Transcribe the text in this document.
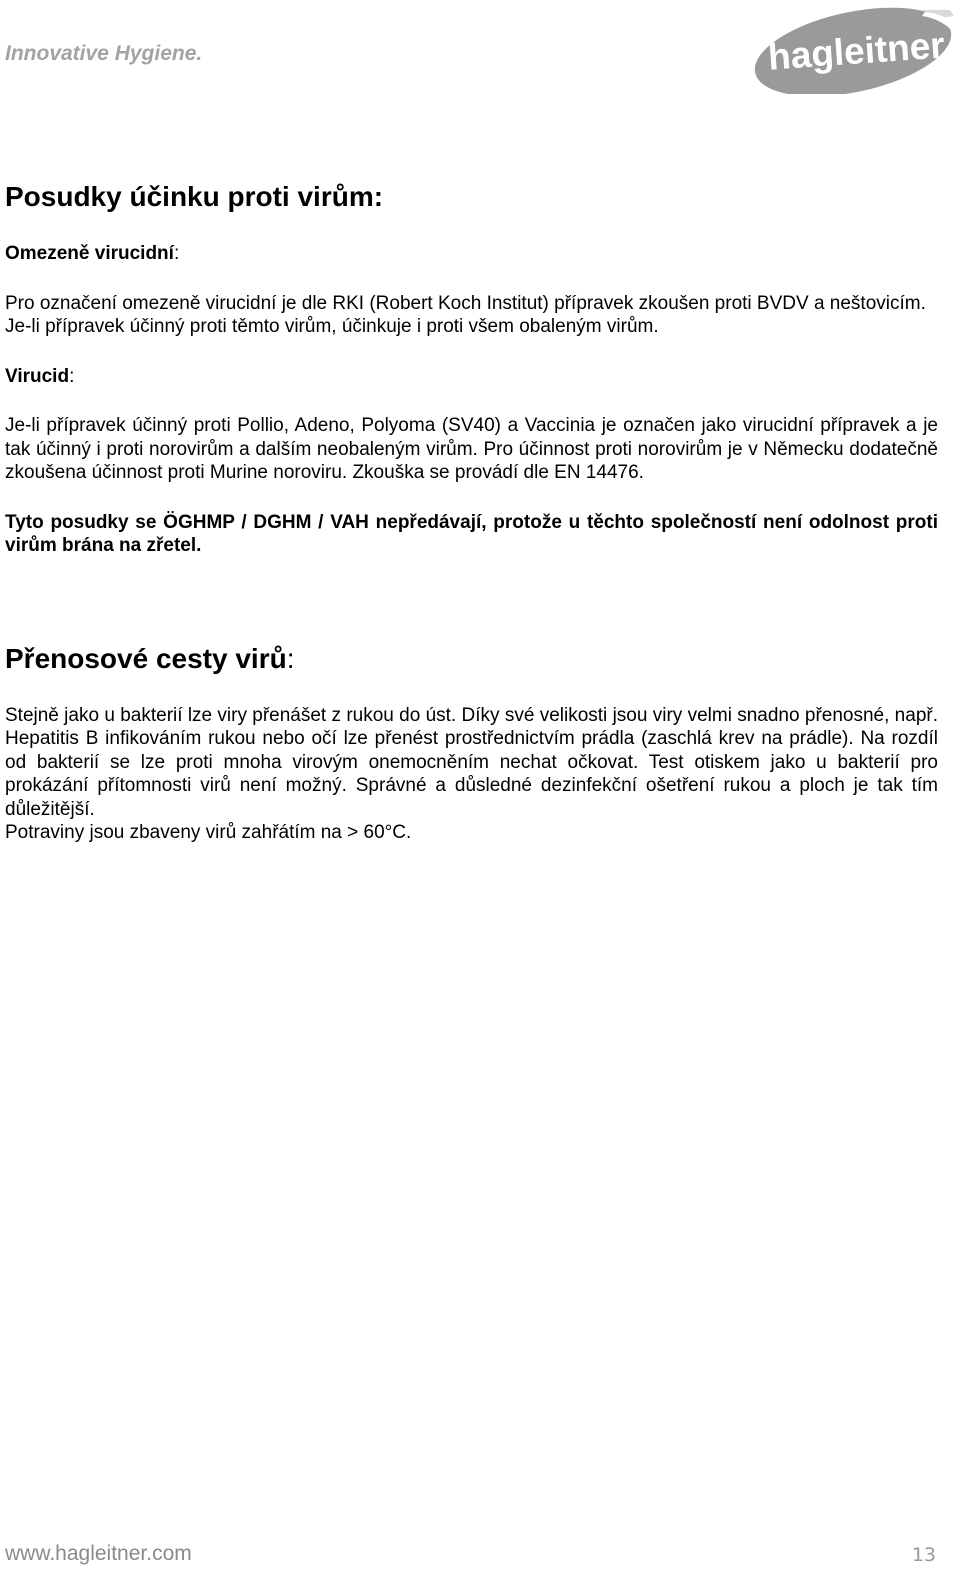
Innovative Hygiene.	hagleitner
Posudky účinku proti virům:

Omezeně virucidní:

Pro označení omezeně virucidní je dle RKI (Robert Koch Institut) přípravek zkoušen proti BVDV a neštovicím.

Je-li přípravek účinný proti těmto virům, účinkuje i proti všem obaleným virům.

Virucid:

Je-li přípravek účinný proti Pollio, Adeno, Polyoma (SV40) a Vaccinia je označen jako virucidní přípravek a je tak účinný i proti norovirům a dalším neobaleným virům. Pro účinnost proti norovirům je v Německu dodatečně zkoušena účinnost proti Murine noroviru. Zkouška se provádí dle EN 14476.

Tyto posudky se ÖGHMP / DGHM / VAH nepředávají, protože u těchto společností není odolnost proti virům brána na zřetel.

Přenosové cesty virů:

Stejně jako u bakterií lze viry přenášet z rukou do úst. Díky své velikosti jsou viry velmi snadno přenosné, např. Hepatitis B infikováním rukou nebo očí lze přenést prostřednictvím prádla (zaschlá krev na prádle). Na rozdíl od bakterií se lze proti mnoha virovým onemocněním nechat očkovat. Test otiskem jako u bakterií pro prokázání přítomnosti virů není možný. Správné a důsledné dezinfekční ošetření rukou a ploch je tak tím důležitější.

Potraviny jsou zbaveny virů zahřátím na > 60°C.

www.hagleitner.com	13
